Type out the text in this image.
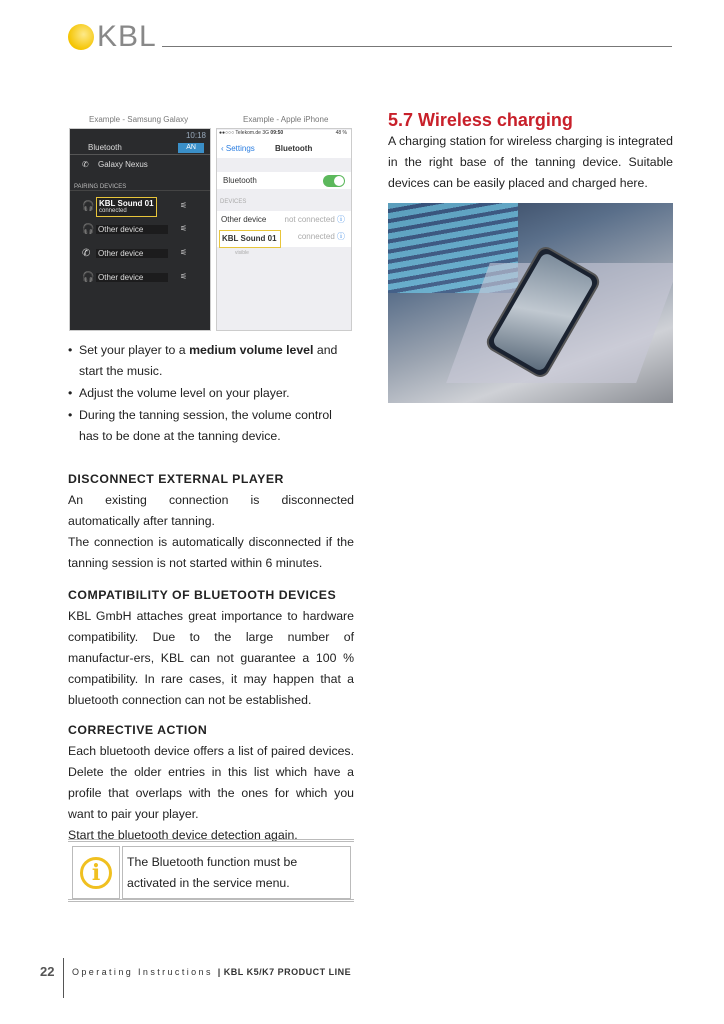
KBL
Example - Samsung Galaxy	Example - Apple iPhone
10:18
Bluetooth	AN
✆ Galaxy Nexus
PAIRING DEVICES
🎧 KBL Sound 01
connected
⚟
🎧 Other device	⚟
✆ Other device	⚟
🎧 Other device	⚟
●●○○○ Telekom.de 3G 09:50	48 %
‹ Settings	Bluetooth
Bluetooth
DEVICES
Other device not connected ⓘ
KBL Sound 01	connected ⓘ
visible
• Set your player to a medium volume level and start the music.
• Adjust the volume level on your player.
• During the tanning session, the volume control has to be done at the tanning device.
DISCONNECT EXTERNAL PLAYER

An existing connection is disconnected automatically after tanning.

The connection is automatically disconnected if the tanning session is not started within 6 minutes.

COMPATIBILITY OF BLUETOOTH DEVICES

KBL GmbH attaches great importance to hardware compatibility. Due to the large number of manufactur-ers, KBL can not guarantee a 100 % compatibility. In rare cases, it may happen that a bluetooth connection can not be established.

CORRECTIVE ACTION

Each bluetooth device offers a list of paired devices. Delete the older entries in this list which have a profile that overlaps with the ones for which you want to pair your player.

Start the bluetooth device detection again.

i	The Bluetooth function must be activated in the service menu.
5.7 Wireless charging

A charging station for wireless charging is integrated in the right base of the tanning device. Suitable devices can be easily placed and charged here.

22 Operating Instructions | KBL K5/K7 PRODUCT LINE
